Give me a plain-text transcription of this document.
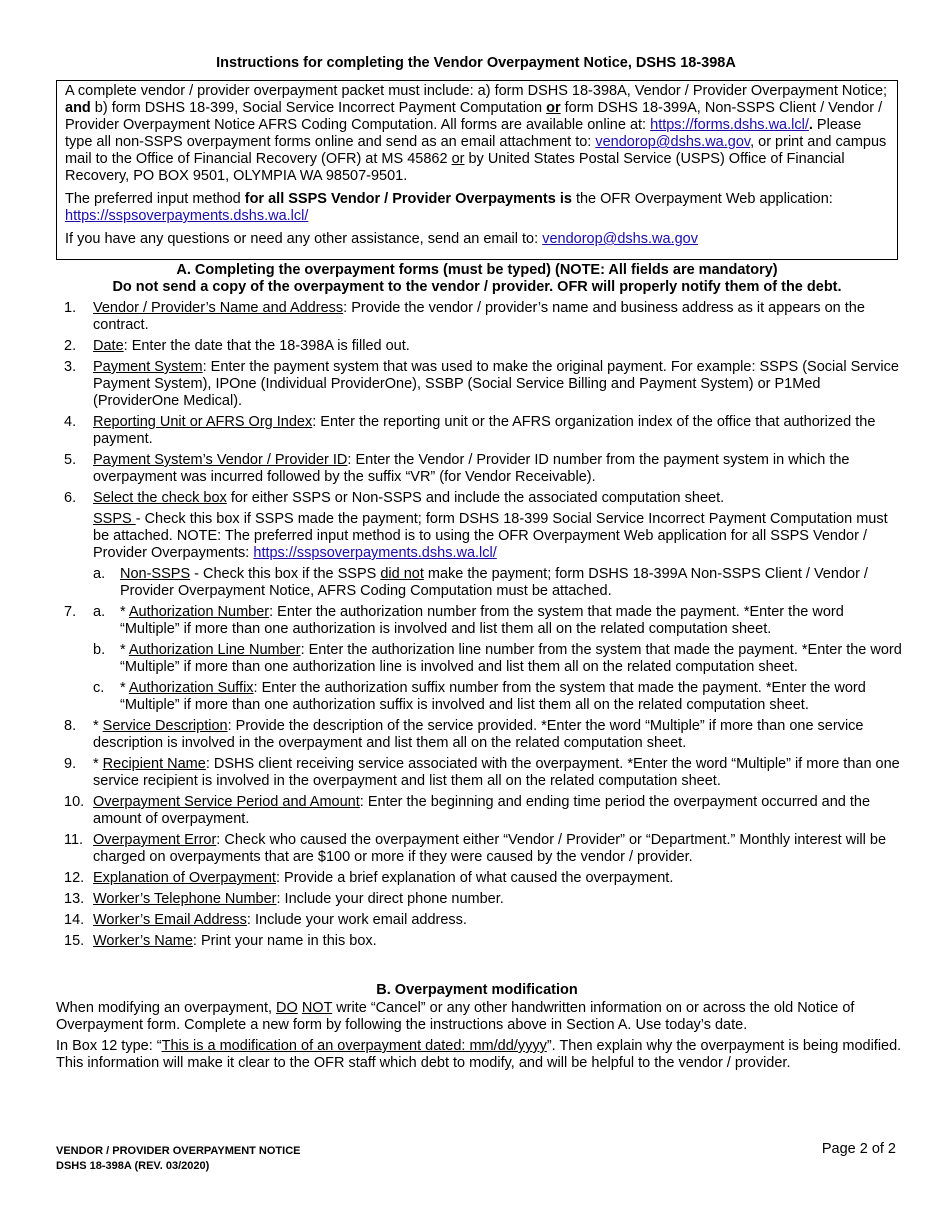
Instructions for completing the Vendor Overpayment Notice, DSHS 18-398A

A complete vendor / provider overpayment packet must include: a) form DSHS 18-398A, Vendor / Provider Overpayment Notice; and b) form DSHS 18-399, Social Service Incorrect Payment Computation or form DSHS 18-399A, Non-SSPS Client / Vendor / Provider Overpayment Notice AFRS Coding Computation. All forms are available online at: https://forms.dshs.wa.lcl/. Please type all non-SSPS overpayment forms online and send as an email attachment to: vendorop@dshs.wa.gov, or print and campus mail to the Office of Financial Recovery (OFR) at MS 45862 or by United States Postal Service (USPS) Office of Financial Recovery, PO BOX 9501, OLYMPIA WA 98507-9501.

The preferred input method for all SSPS Vendor / Provider Overpayments is the OFR Overpayment Web application:
https://sspsoverpayments.dshs.wa.lcl/

If you have any questions or need any other assistance, send an email to: vendorop@dshs.wa.gov

A. Completing the overpayment forms (must be typed) (NOTE: All fields are mandatory)
Do not send a copy of the overpayment to the vendor / provider. OFR will properly notify them of the debt.
1. Vendor / Provider’s Name and Address: Provide the vendor / provider’s name and business address as it appears on the contract.
2. Date: Enter the date that the 18-398A is filled out.
3. Payment System: Enter the payment system that was used to make the original payment. For example: SSPS (Social Service Payment System), IPOne (Individual ProviderOne), SSBP (Social Service Billing and Payment System) or P1Med (ProviderOne Medical).
4. Reporting Unit or AFRS Org Index: Enter the reporting unit or the AFRS organization index of the office that authorized the payment.
5. Payment System’s Vendor / Provider ID: Enter the Vendor / Provider ID number from the payment system in which the overpayment was incurred followed by the suffix “VR” (for Vendor Receivable).
6. Select the check box for either SSPS or Non-SSPS and include the associated computation sheet.
SSPS - Check this box if SSPS made the payment; form DSHS 18-399 Social Service Incorrect Payment Computation must be attached. NOTE: The preferred input method is to using the OFR Overpayment Web application for all SSPS Vendor / Provider Overpayments: https://sspsoverpayments.dshs.wa.lcl/
a. Non-SSPS - Check this box if the SSPS did not make the payment; form DSHS 18-399A Non-SSPS Client / Vendor / Provider Overpayment Notice, AFRS Coding Computation must be attached.
7. a. * Authorization Number: Enter the authorization number from the system that made the payment. *Enter the word “Multiple” if more than one authorization is involved and list them all on the related computation sheet.
b. * Authorization Line Number: Enter the authorization line number from the system that made the payment. *Enter the word “Multiple” if more than one authorization line is involved and list them all on the related computation sheet.
c. * Authorization Suffix: Enter the authorization suffix number from the system that made the payment. *Enter the word “Multiple” if more than one authorization suffix is involved and list them all on the related computation sheet.
8. * Service Description: Provide the description of the service provided. *Enter the word “Multiple” if more than one service description is involved in the overpayment and list them all on the related computation sheet.
9. * Recipient Name: DSHS client receiving service associated with the overpayment. *Enter the word “Multiple” if more than one service recipient is involved in the overpayment and list them all on the related computation sheet.
10. Overpayment Service Period and Amount: Enter the beginning and ending time period the overpayment occurred and the amount of overpayment.
11. Overpayment Error: Check who caused the overpayment either “Vendor / Provider” or “Department.” Monthly interest will be charged on overpayments that are $100 or more if they were caused by the vendor / provider.
12. Explanation of Overpayment: Provide a brief explanation of what caused the overpayment.
13. Worker’s Telephone Number: Include your direct phone number.
14. Worker’s Email Address: Include your work email address.
15. Worker’s Name: Print your name in this box.
B. Overpayment modification

When modifying an overpayment, DO NOT write “Cancel” or any other handwritten information on or across the old Notice of Overpayment form. Complete a new form by following the instructions above in Section A. Use today’s date.

In Box 12 type: “This is a modification of an overpayment dated: mm/dd/yyyy”. Then explain why the overpayment is being modified. This information will make it clear to the OFR staff which debt to modify, and will be helpful to the vendor / provider.

VENDOR / PROVIDER OVERPAYMENT NOTICE
DSHS 18-398A (REV. 03/2020)
Page 2 of 2
